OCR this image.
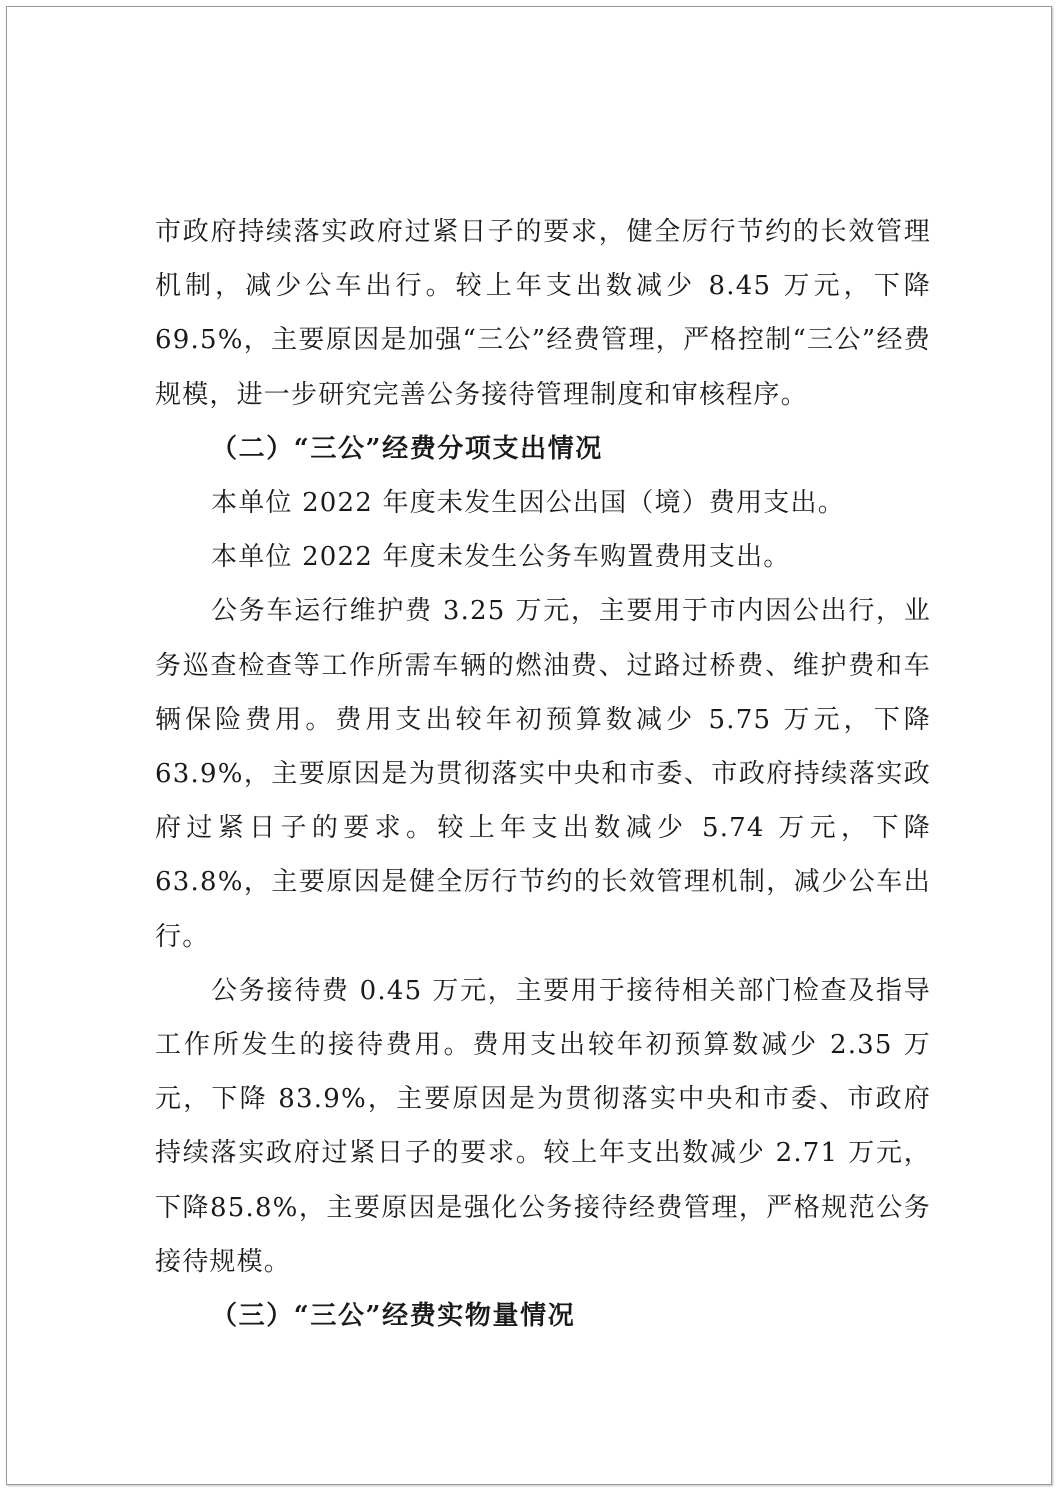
市政府持续落实政府过紧日子的要求，健全厉行节约的长效管理机制，减少公车出行。较上年支出数减少 8.45 万元，下降69.5%，主要原因是加强“三公”经费管理，严格控制“三公”经费规模，进一步研究完善公务接待管理制度和审核程序。

（二）“三公”经费分项支出情况

本单位 2022 年度未发生因公出国（境）费用支出。

本单位 2022 年度未发生公务车购置费用支出。

公务车运行维护费 3.25 万元，主要用于市内因公出行，业务巡查检查等工作所需车辆的燃油费、过路过桥费、维护费和车辆保险费用。费用支出较年初预算数减少 5.75 万元，下降63.9%，主要原因是为贯彻落实中央和市委、市政府持续落实政府过紧日子的要求。较上年支出数减少 5.74 万元，下降 63.8%，主要原因是健全厉行节约的长效管理机制，减少公车出行。

公务接待费 0.45 万元，主要用于接待相关部门检查及指导工作所发生的接待费用。费用支出较年初预算数减少 2.35 万元，下降 83.9%，主要原因是为贯彻落实中央和市委、市政府持续落实政府过紧日子的要求。较上年支出数减少 2.71 万元，下降85.8%，主要原因是强化公务接待经费管理，严格规范公务接待规模。

（三）“三公”经费实物量情况
